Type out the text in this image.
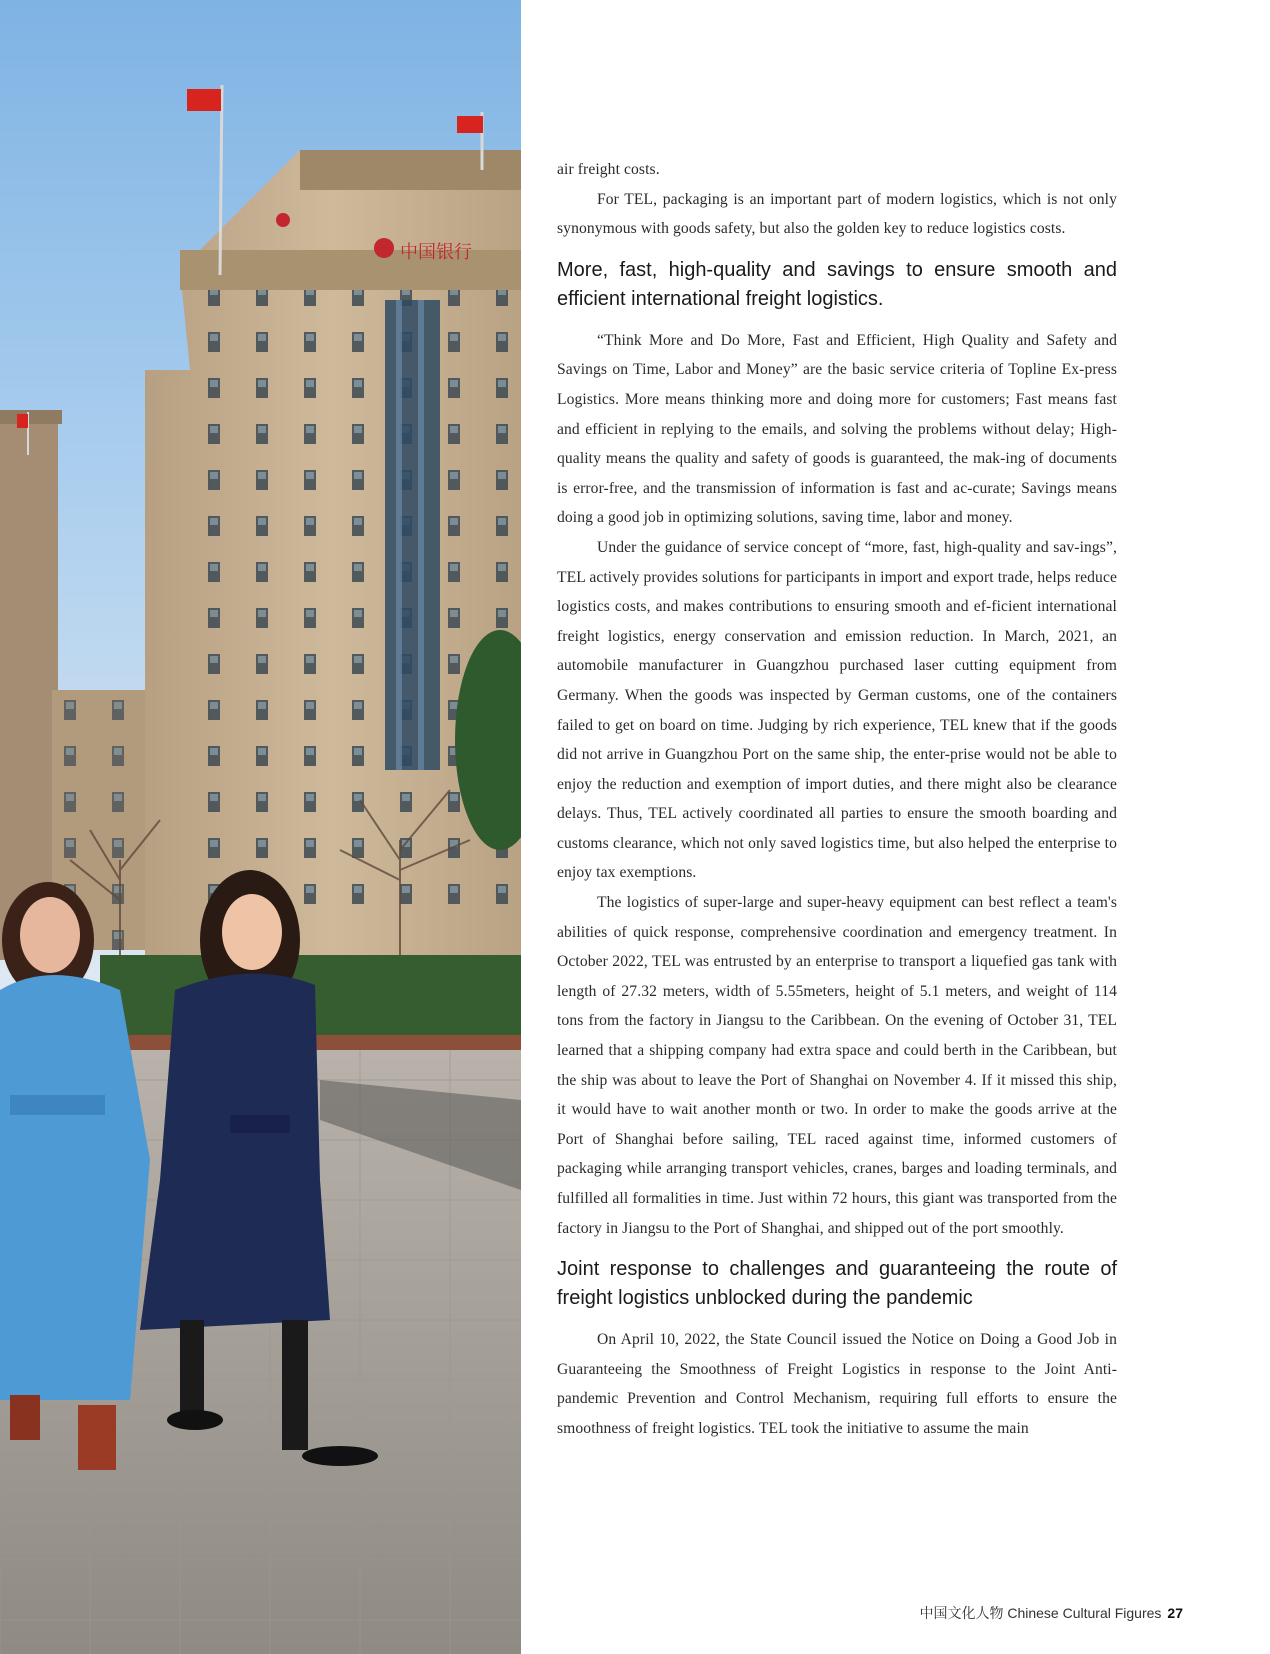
中国银行

air freight costs.

For TEL, packaging is an important part of modern logistics, which is not only synonymous with goods safety, but also the golden key to reduce logistics costs.

More, fast, high-quality and savings to ensure smooth and efficient international freight logistics.

“Think More and Do More, Fast and Efficient, High Quality and Safety and Savings on Time, Labor and Money” are the basic service criteria of Topline Ex-press Logistics. More means thinking more and doing more for customers; Fast means fast and efficient in replying to the emails, and solving the problems without delay; High-quality means the quality and safety of goods is guaranteed, the mak-ing of documents is error-free, and the transmission of information is fast and ac-curate; Savings means doing a good job in optimizing solutions, saving time, labor and money.

Under the guidance of service concept of “more, fast, high-quality and sav-ings”, TEL actively provides solutions for participants in import and export trade, helps reduce logistics costs, and makes contributions to ensuring smooth and ef-ficient international freight logistics, energy conservation and emission reduction. In March, 2021, an automobile manufacturer in Guangzhou purchased laser cutting equipment from Germany. When the goods was inspected by German customs, one of the containers failed to get on board on time. Judging by rich experience, TEL knew that if the goods did not arrive in Guangzhou Port on the same ship, the enter-prise would not be able to enjoy the reduction and exemption of import duties, and there might also be clearance delays. Thus, TEL actively coordinated all parties to ensure the smooth boarding and customs clearance, which not only saved logistics time, but also helped the enterprise to enjoy tax exemptions.

The logistics of super-large and super-heavy equipment can best reflect a team's abilities of quick response, comprehensive coordination and emergency treatment. In October 2022, TEL was entrusted by an enterprise to transport a liquefied gas tank with length of 27.32 meters, width of 5.55meters, height of 5.1 meters, and weight of 114 tons from the factory in Jiangsu to the Caribbean. On the evening of October 31, TEL learned that a shipping company had extra space and could berth in the Caribbean, but the ship was about to leave the Port of Shanghai on November 4. If it missed this ship, it would have to wait another month or two. In order to make the goods arrive at the Port of Shanghai before sailing, TEL raced against time, informed customers of packaging while arranging transport vehicles, cranes, barges and loading terminals, and fulfilled all formalities in time. Just within 72 hours, this giant was transported from the factory in Jiangsu to the Port of Shanghai, and shipped out of the port smoothly.

Joint response to challenges and guaranteeing the route of freight logistics unblocked during the pandemic

On April 10, 2022, the State Council issued the Notice on Doing a Good Job in Guaranteeing the Smoothness of Freight Logistics in response to the Joint Anti-pandemic Prevention and Control Mechanism, requiring full efforts to ensure the smoothness of freight logistics. TEL took the initiative to assume the main

中国文化人物 Chinese Cultural Figures 27
